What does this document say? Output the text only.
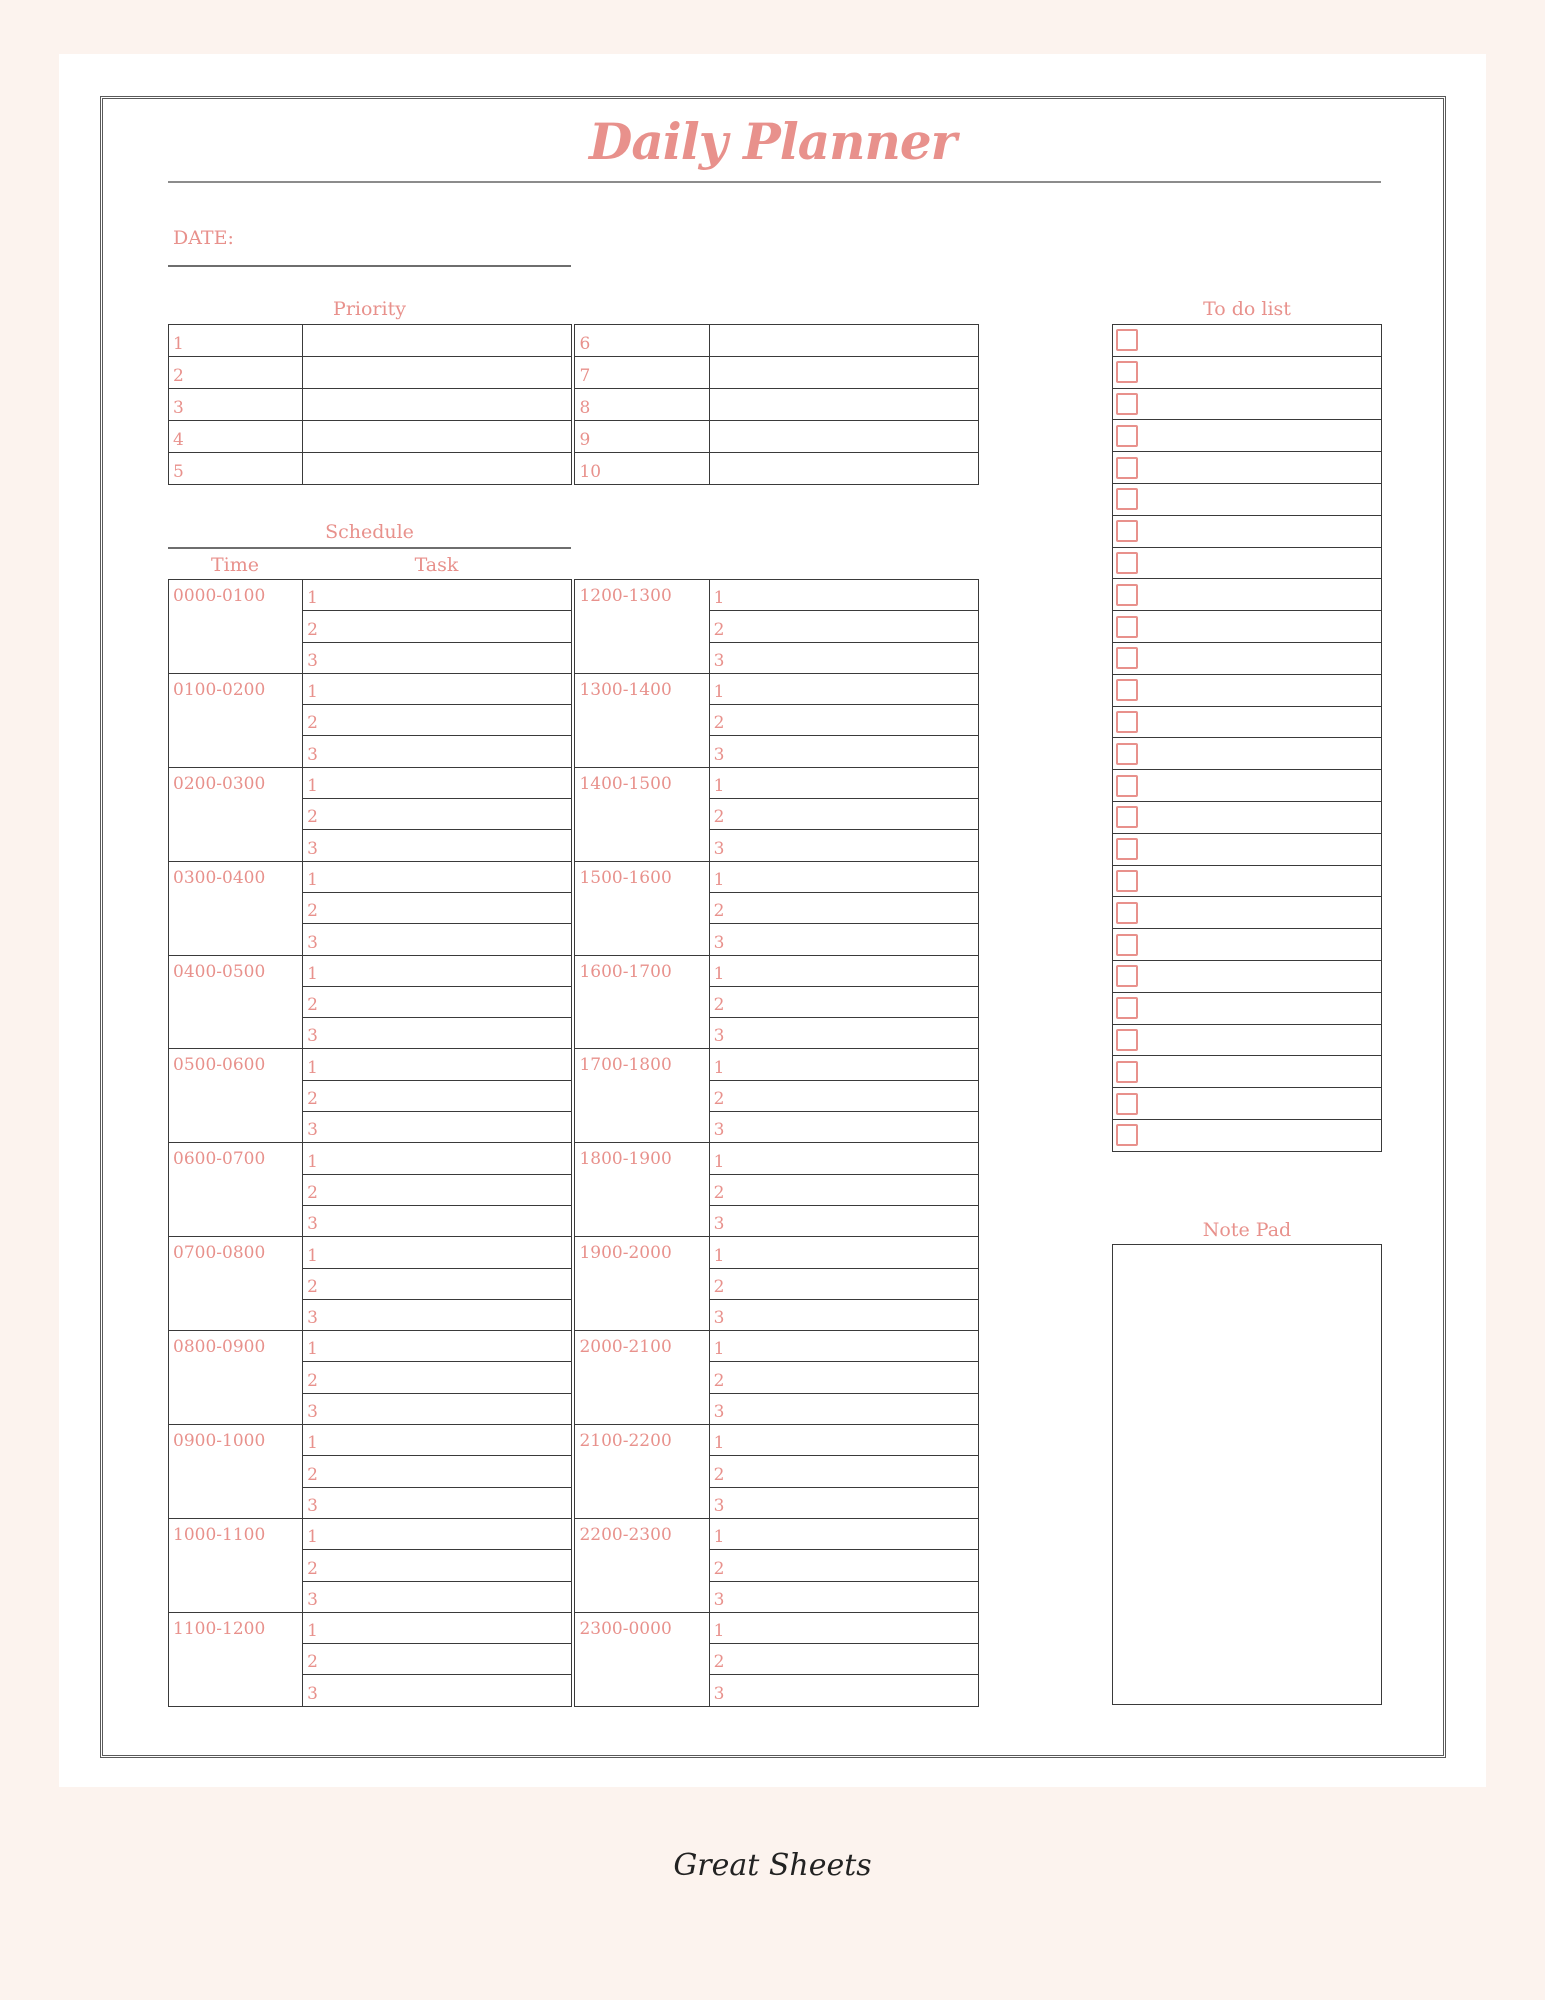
Daily Planner
DATE:
Priority
1			6	
2			7	
3			8	
4			9	
5			10	
Schedule
Time	Task
0000-0100	1		1200-1300	1
	2			2
	3			3
0100-0200	1		1300-1400	1
	2			2
	3			3
0200-0300	1		1400-1500	1
	2			2
	3			3
0300-0400	1		1500-1600	1
	2			2
	3			3
0400-0500	1		1600-1700	1
	2			2
	3			3
0500-0600	1		1700-1800	1
	2			2
	3			3
0600-0700	1		1800-1900	1
	2			2
	3			3
0700-0800	1		1900-2000	1
	2			2
	3			3
0800-0900	1		2000-2100	1
	2			2
	3			3
0900-1000	1		2100-2200	1
	2			2
	3			3
1000-1100	1		2200-2300	1
	2			2
	3			3
1100-1200	1		2300-0000	1
	2			2
	3			3
To do list

Note Pad
Great Sheets
